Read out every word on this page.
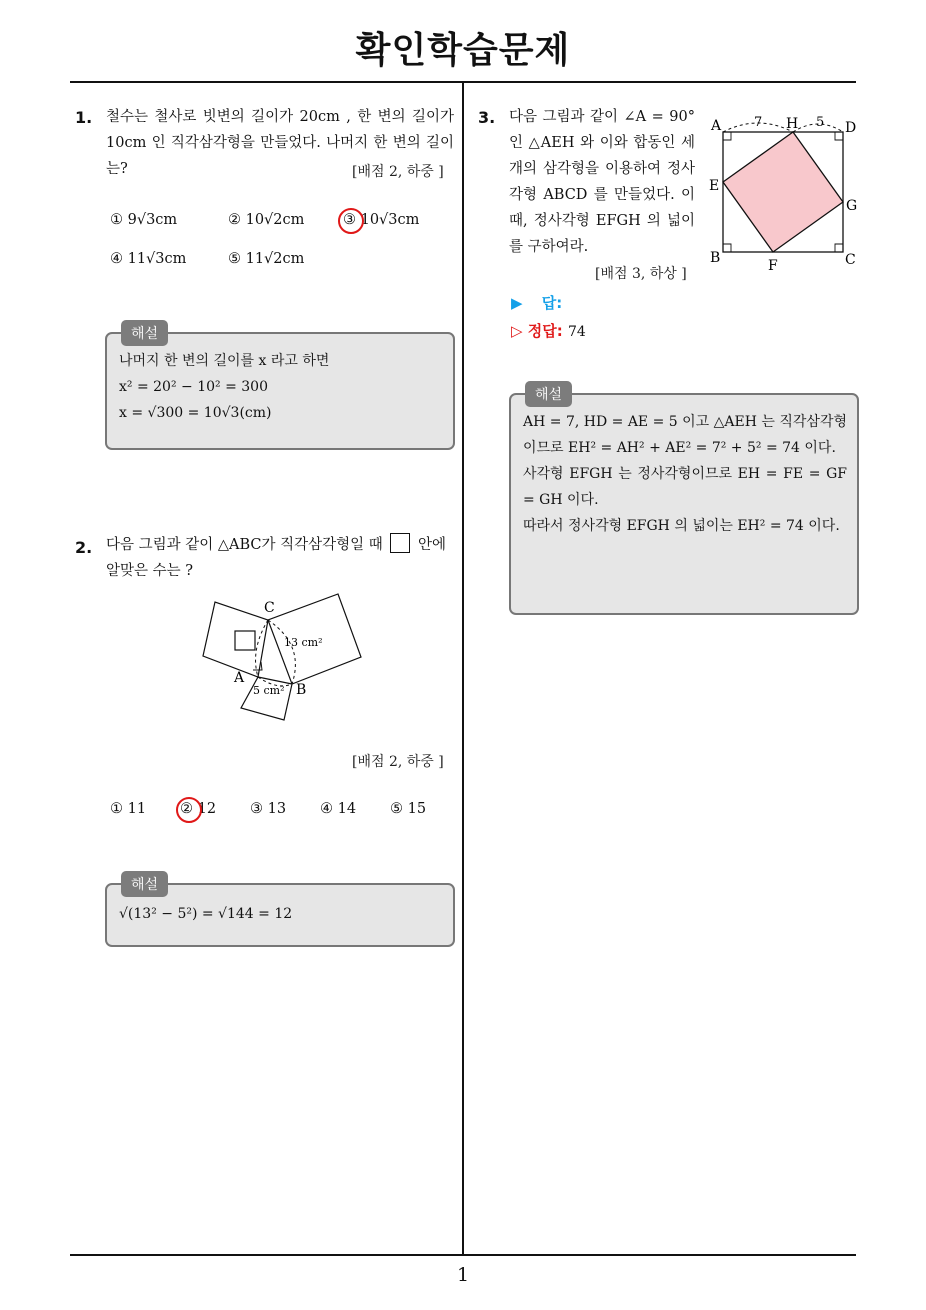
확인학습문제
1. 철수는 철사로 빗변의 길이가 20cm , 한 변의 길이가 10cm 인 직각삼각형을 만들었다. 나머지 한 변의 길이는?	[배점 2, 하중 ]
① 9√3cm	② 10√2cm	③ 10√3cm
④ 11√3cm	⑤ 11√2cm
해설
나머지 한 변의 길이를 x 라고 하면
x² = 20² − 10² = 300
x = √300 = 10√3(cm)
2. 다음 그림과 같이 △ABC가 직각삼각형일 때 안에
알맞은 수는 ?
C
A
B
13 cm²
5 cm²
[배점 2, 하중 ]
① 11 ② 12 ③ 13 ④ 14 ⑤ 15
해설
√(13² − 5²) = √144 = 12
3. 다음 그림과 같이 ∠A = 90° 인 △AEH 와 이와 합동인 세 개의 삼각형을 이용하여 정사각형 ABCD 를 만들었다. 이 때, 정사각형 EFGH 의 넓이를 구하여라.
[배점 3, 하상 ]
A	H	D
E
G
B	F	C
7	5
▶ 답:
▷ 정답: 74
해설
AH = 7, HD = AE = 5 이고 △AEH 는 직각삼각형이므로 EH² = AH² + AE² = 7² + 5² = 74 이다.
사각형 EFGH 는 정사각형이므로 EH = FE = GF = GH 이다.
따라서 정사각형 EFGH 의 넓이는 EH² = 74 이다.
1
